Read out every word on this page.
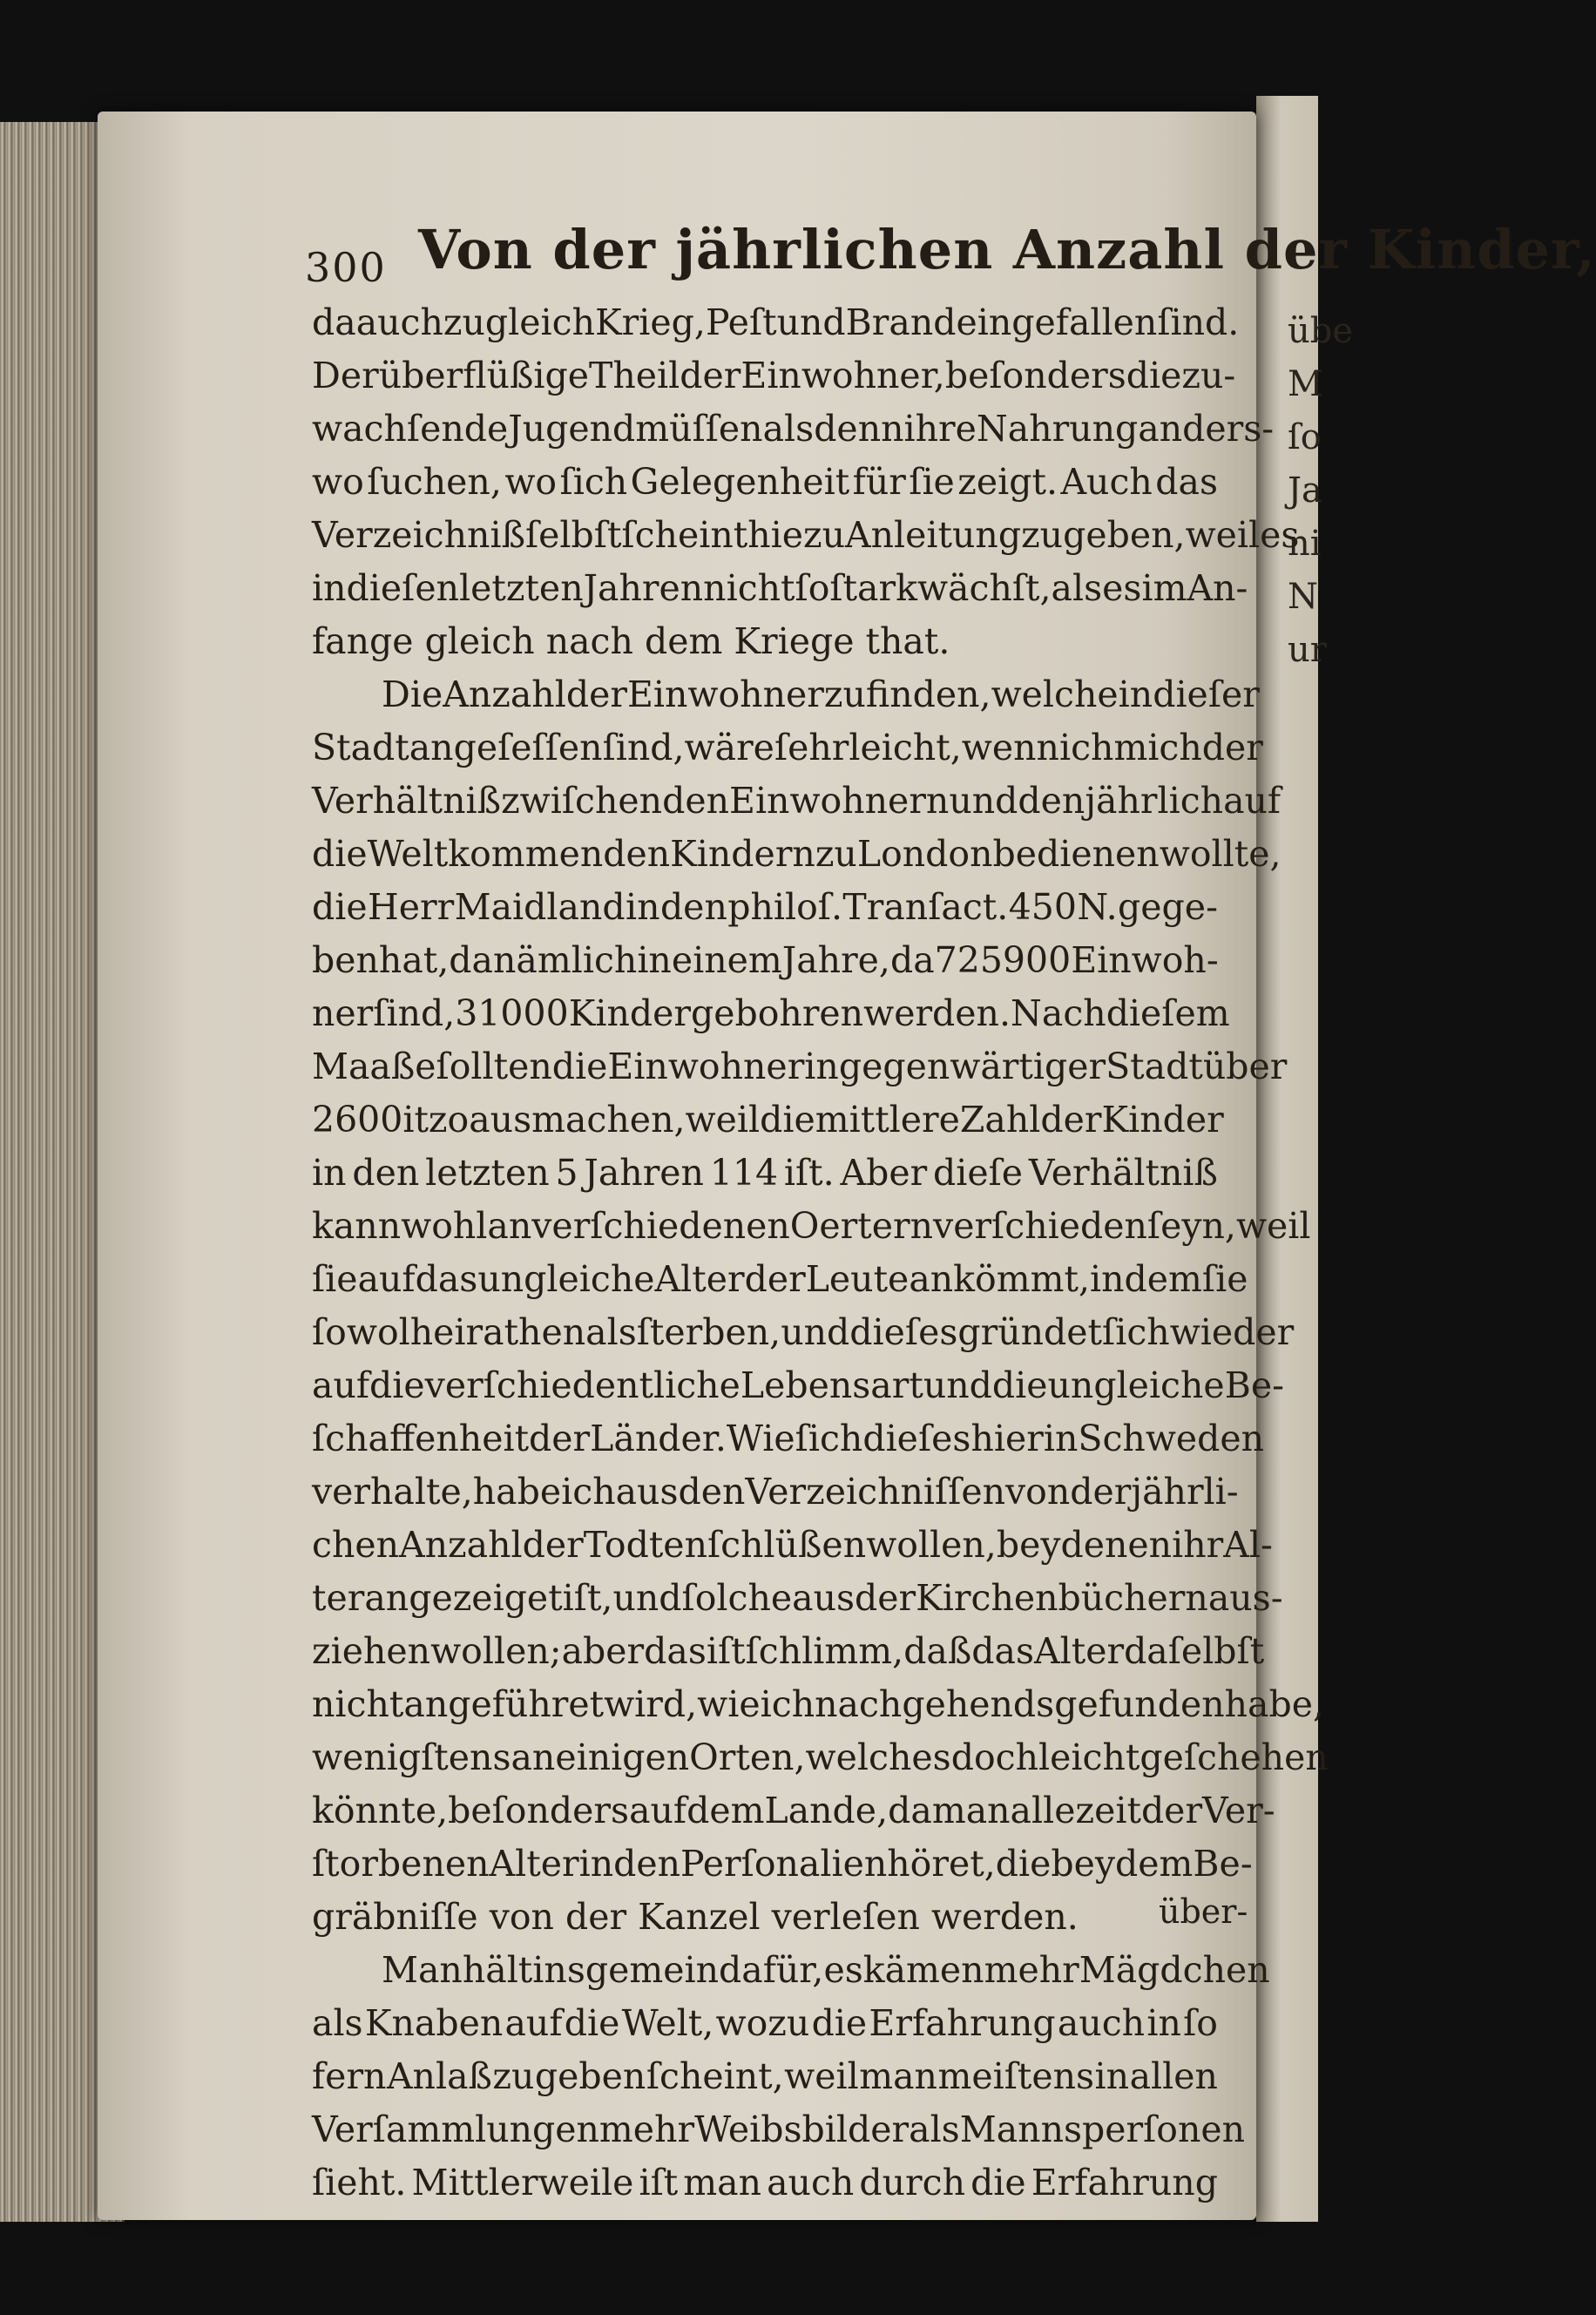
übe
M
ſo
Ja
ni
N
ur
300 Von der jährlichen Anzahl der Kinder,
da auch zugleich Krieg, Peſt und Brand eingefallen ſind.
Der überflüßige Theil der Einwohner, beſonders die zu-
wachſende Jugend müſſen alsdenn ihre Nahrung anders-
wo ſuchen, wo ſich Gelegenheit für ſie zeigt. Auch das
Verzeichniß ſelbſt ſcheint hiezu Anleitung zu geben, weil es
in dieſen letzten Jahren nicht ſo ſtark wächſt, als es im An-
fange gleich nach dem Kriege that.
Die Anzahl der Einwohner zu finden, welche in dieſer
Stadt angeſeſſen ſind, wäre ſehr leicht, wenn ich mich der
Verhältniß zwiſchen den Einwohnern und den jährlich auf
die Welt kommenden Kindern zu London bedienen wollte,
die Herr Maidland in den philoſ. Tranſact. 450 N. gege-
ben hat, da nämlich in einem Jahre, da 725900 Einwoh-
ner ſind, 31000 Kinder gebohren werden. Nach dieſem
Maaße ſollten die Einwohner in gegenwärtiger Stadt über
2600 itzo ausmachen, weil die mittlere Zahl der Kinder
in den letzten 5 Jahren 114 iſt. Aber dieſe Verhältniß
kann wohl an verſchiedenen Oertern verſchieden ſeyn, weil
ſie auf das ungleiche Alter der Leute ankömmt, in dem ſie
ſowol heirathen als ſterben, und dieſes gründet ſich wieder
auf die verſchiedentliche Lebensart und die ungleiche Be-
ſchaffenheit der Länder. Wie ſich dieſes hier in Schweden
verhalte, habe ich aus den Verzeichniſſen von der jährli-
chen Anzahl der Todten ſchlüßen wollen, bey denen ihr Al-
ter angezeiget iſt, und ſolche aus der Kirchenbüchern aus-
ziehen wollen; aber das iſt ſchlimm, daß das Alter daſelbſt
nicht angeführet wird, wie ich nachgehends gefunden habe,
wenigſtens an einigen Orten, welches doch leicht geſchehen
könnte, beſonders auf dem Lande, da man allezeit der Ver-
ſtorbenen Alter in den Perſonalien höret, die bey dem Be-
gräbniſſe von der Kanzel verleſen werden.
Man hält insgemein dafür, es kämen mehr Mägdchen
als Knaben auf die Welt, wozu die Erfahrung auch in ſo
fern Anlaß zu geben ſcheint, weil man meiſtens in allen
Verſammlungen mehr Weibsbilder als Mannsperſonen
ſieht. Mittlerweile iſt man auch durch die Erfahrung
über-
